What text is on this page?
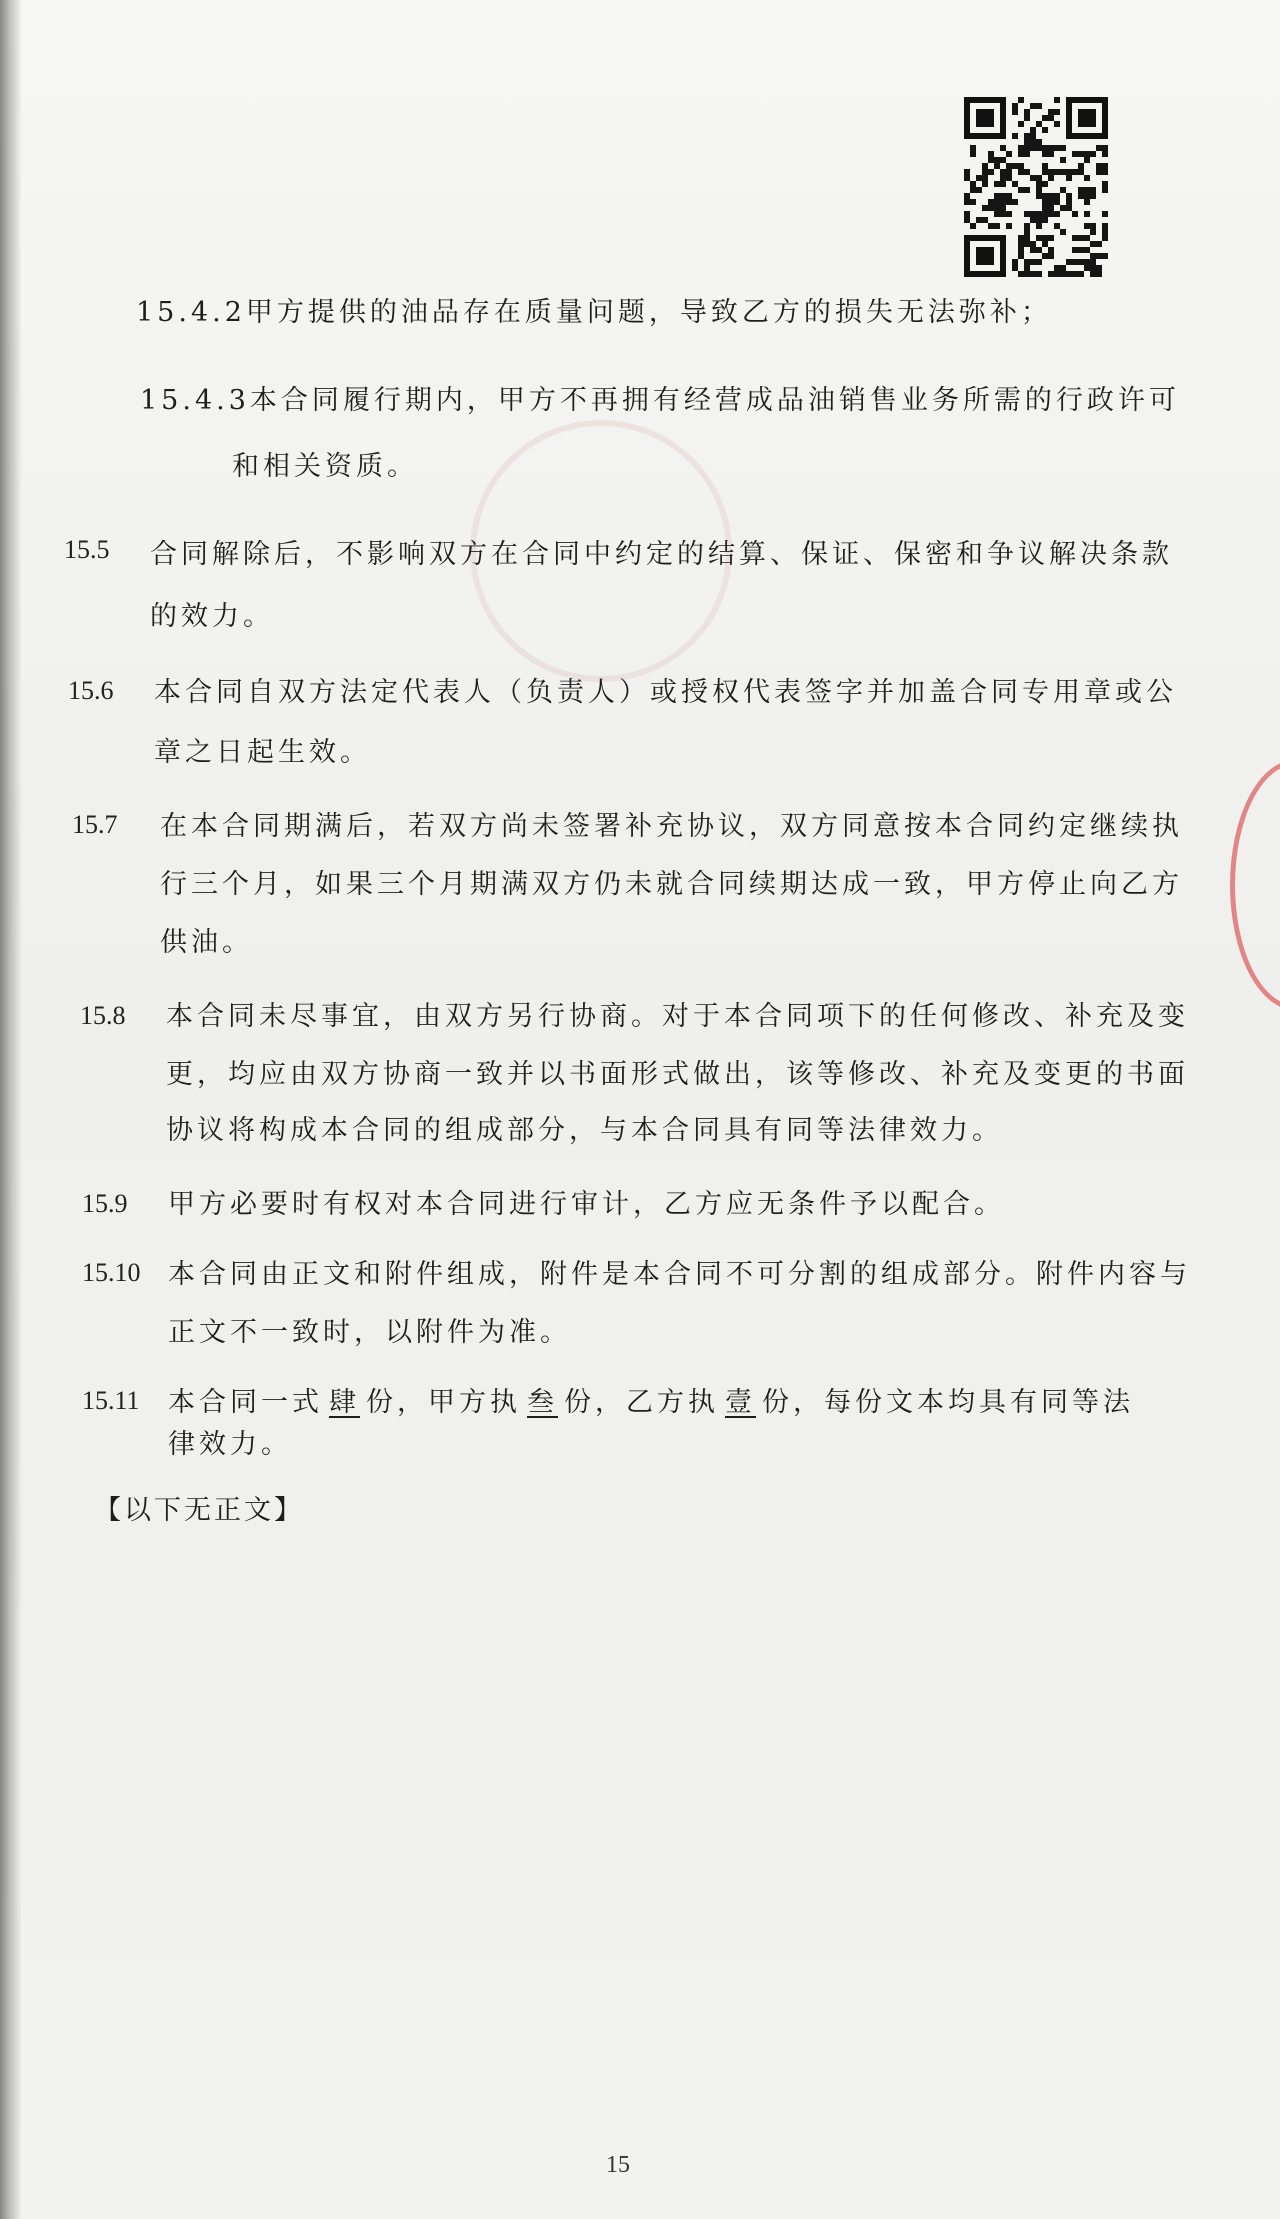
15.4.2甲方提供的油品存在质量问题，导致乙方的损失无法弥补；
15.4.3本合同履行期内，甲方不再拥有经营成品油销售业务所需的行政许可
和相关资质。
15.5 合同解除后，不影响双方在合同中约定的结算、保证、保密和争议解决条款
的效力。
15.6 本合同自双方法定代表人（负责人）或授权代表签字并加盖合同专用章或公
章之日起生效。
15.7 在本合同期满后，若双方尚未签署补充协议，双方同意按本合同约定继续执
行三个月，如果三个月期满双方仍未就合同续期达成一致，甲方停止向乙方
供油。
15.8 本合同未尽事宜，由双方另行协商。对于本合同项下的任何修改、补充及变
更，均应由双方协商一致并以书面形式做出，该等修改、补充及变更的书面
协议将构成本合同的组成部分，与本合同具有同等法律效力。
15.9 甲方必要时有权对本合同进行审计，乙方应无条件予以配合。
15.10 本合同由正文和附件组成，附件是本合同不可分割的组成部分。附件内容与
正文不一致时，以附件为准。
15.11 本合同一式 肆 份，甲方执 叁 份，乙方执 壹 份，每份文本均具有同等法
律效力。
【以下无正文】
15
